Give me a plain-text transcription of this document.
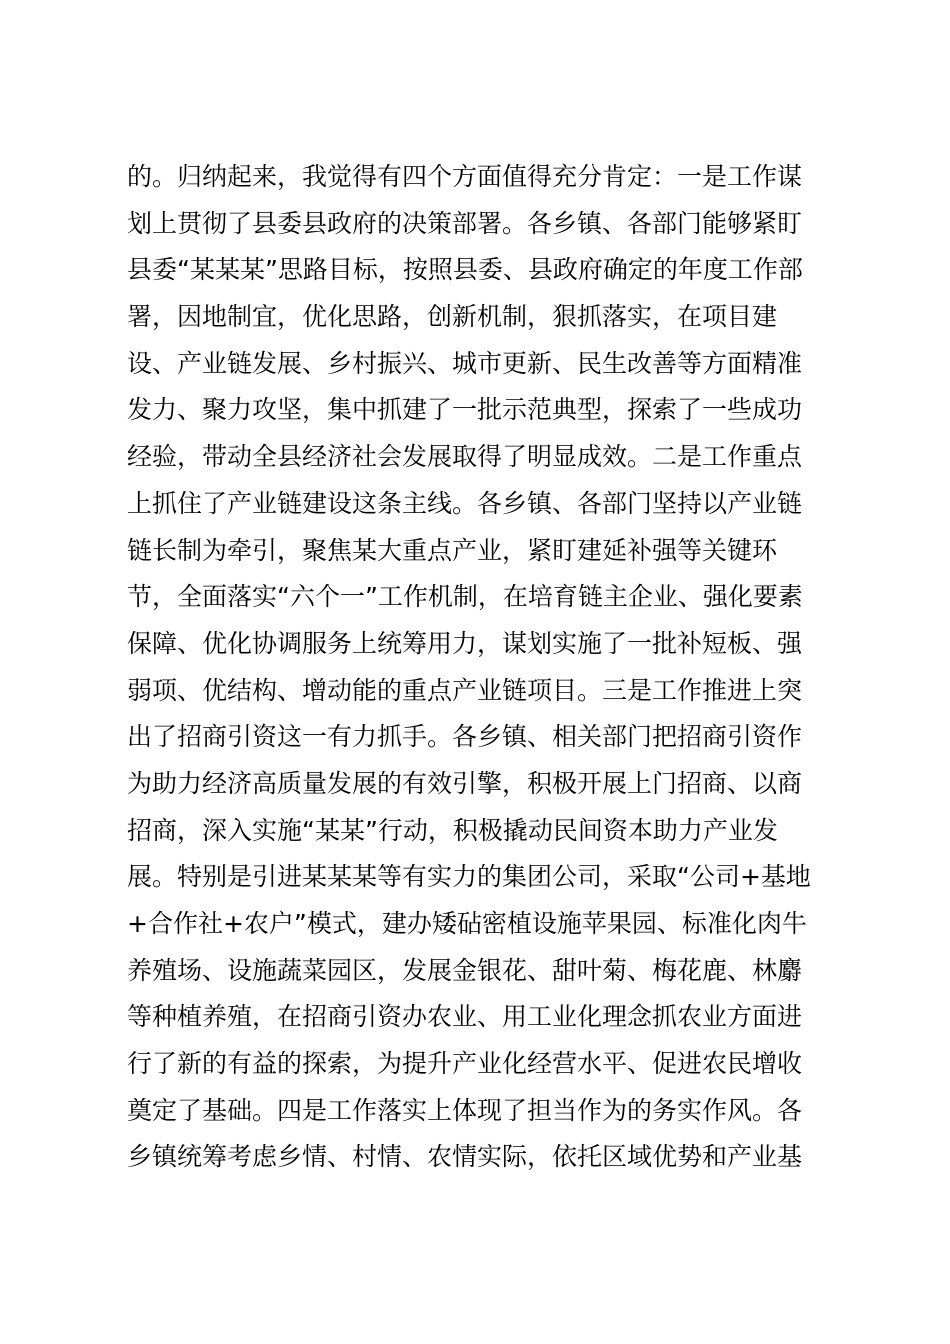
的。归纳起来，我觉得有四个方面值得充分肯定：一是工作谋
划上贯彻了县委县政府的决策部署。各乡镇、各部门能够紧盯
县委“某某某”思路目标，按照县委、县政府确定的年度工作部
署，因地制宜，优化思路，创新机制，狠抓落实，在项目建
设、产业链发展、乡村振兴、城市更新、民生改善等方面精准
发力、聚力攻坚，集中抓建了一批示范典型，探索了一些成功
经验，带动全县经济社会发展取得了明显成效。二是工作重点
上抓住了产业链建设这条主线。各乡镇、各部门坚持以产业链
链长制为牵引，聚焦某大重点产业，紧盯建延补强等关键环
节，全面落实“六个一”工作机制，在培育链主企业、强化要素
保障、优化协调服务上统筹用力，谋划实施了一批补短板、强
弱项、优结构、增动能的重点产业链项目。三是工作推进上突
出了招商引资这一有力抓手。各乡镇、相关部门把招商引资作
为助力经济高质量发展的有效引擎，积极开展上门招商、以商
招商，深入实施“某某”行动，积极撬动民间资本助力产业发
展。特别是引进某某某等有实力的集团公司，采取“公司+基地
+合作社+农户”模式，建办矮砧密植设施苹果园、标准化肉牛
养殖场、设施蔬菜园区，发展金银花、甜叶菊、梅花鹿、林麝
等种植养殖，在招商引资办农业、用工业化理念抓农业方面进
行了新的有益的探索，为提升产业化经营水平、促进农民增收
奠定了基础。四是工作落实上体现了担当作为的务实作风。各
乡镇统筹考虑乡情、村情、农情实际，依托区域优势和产业基
